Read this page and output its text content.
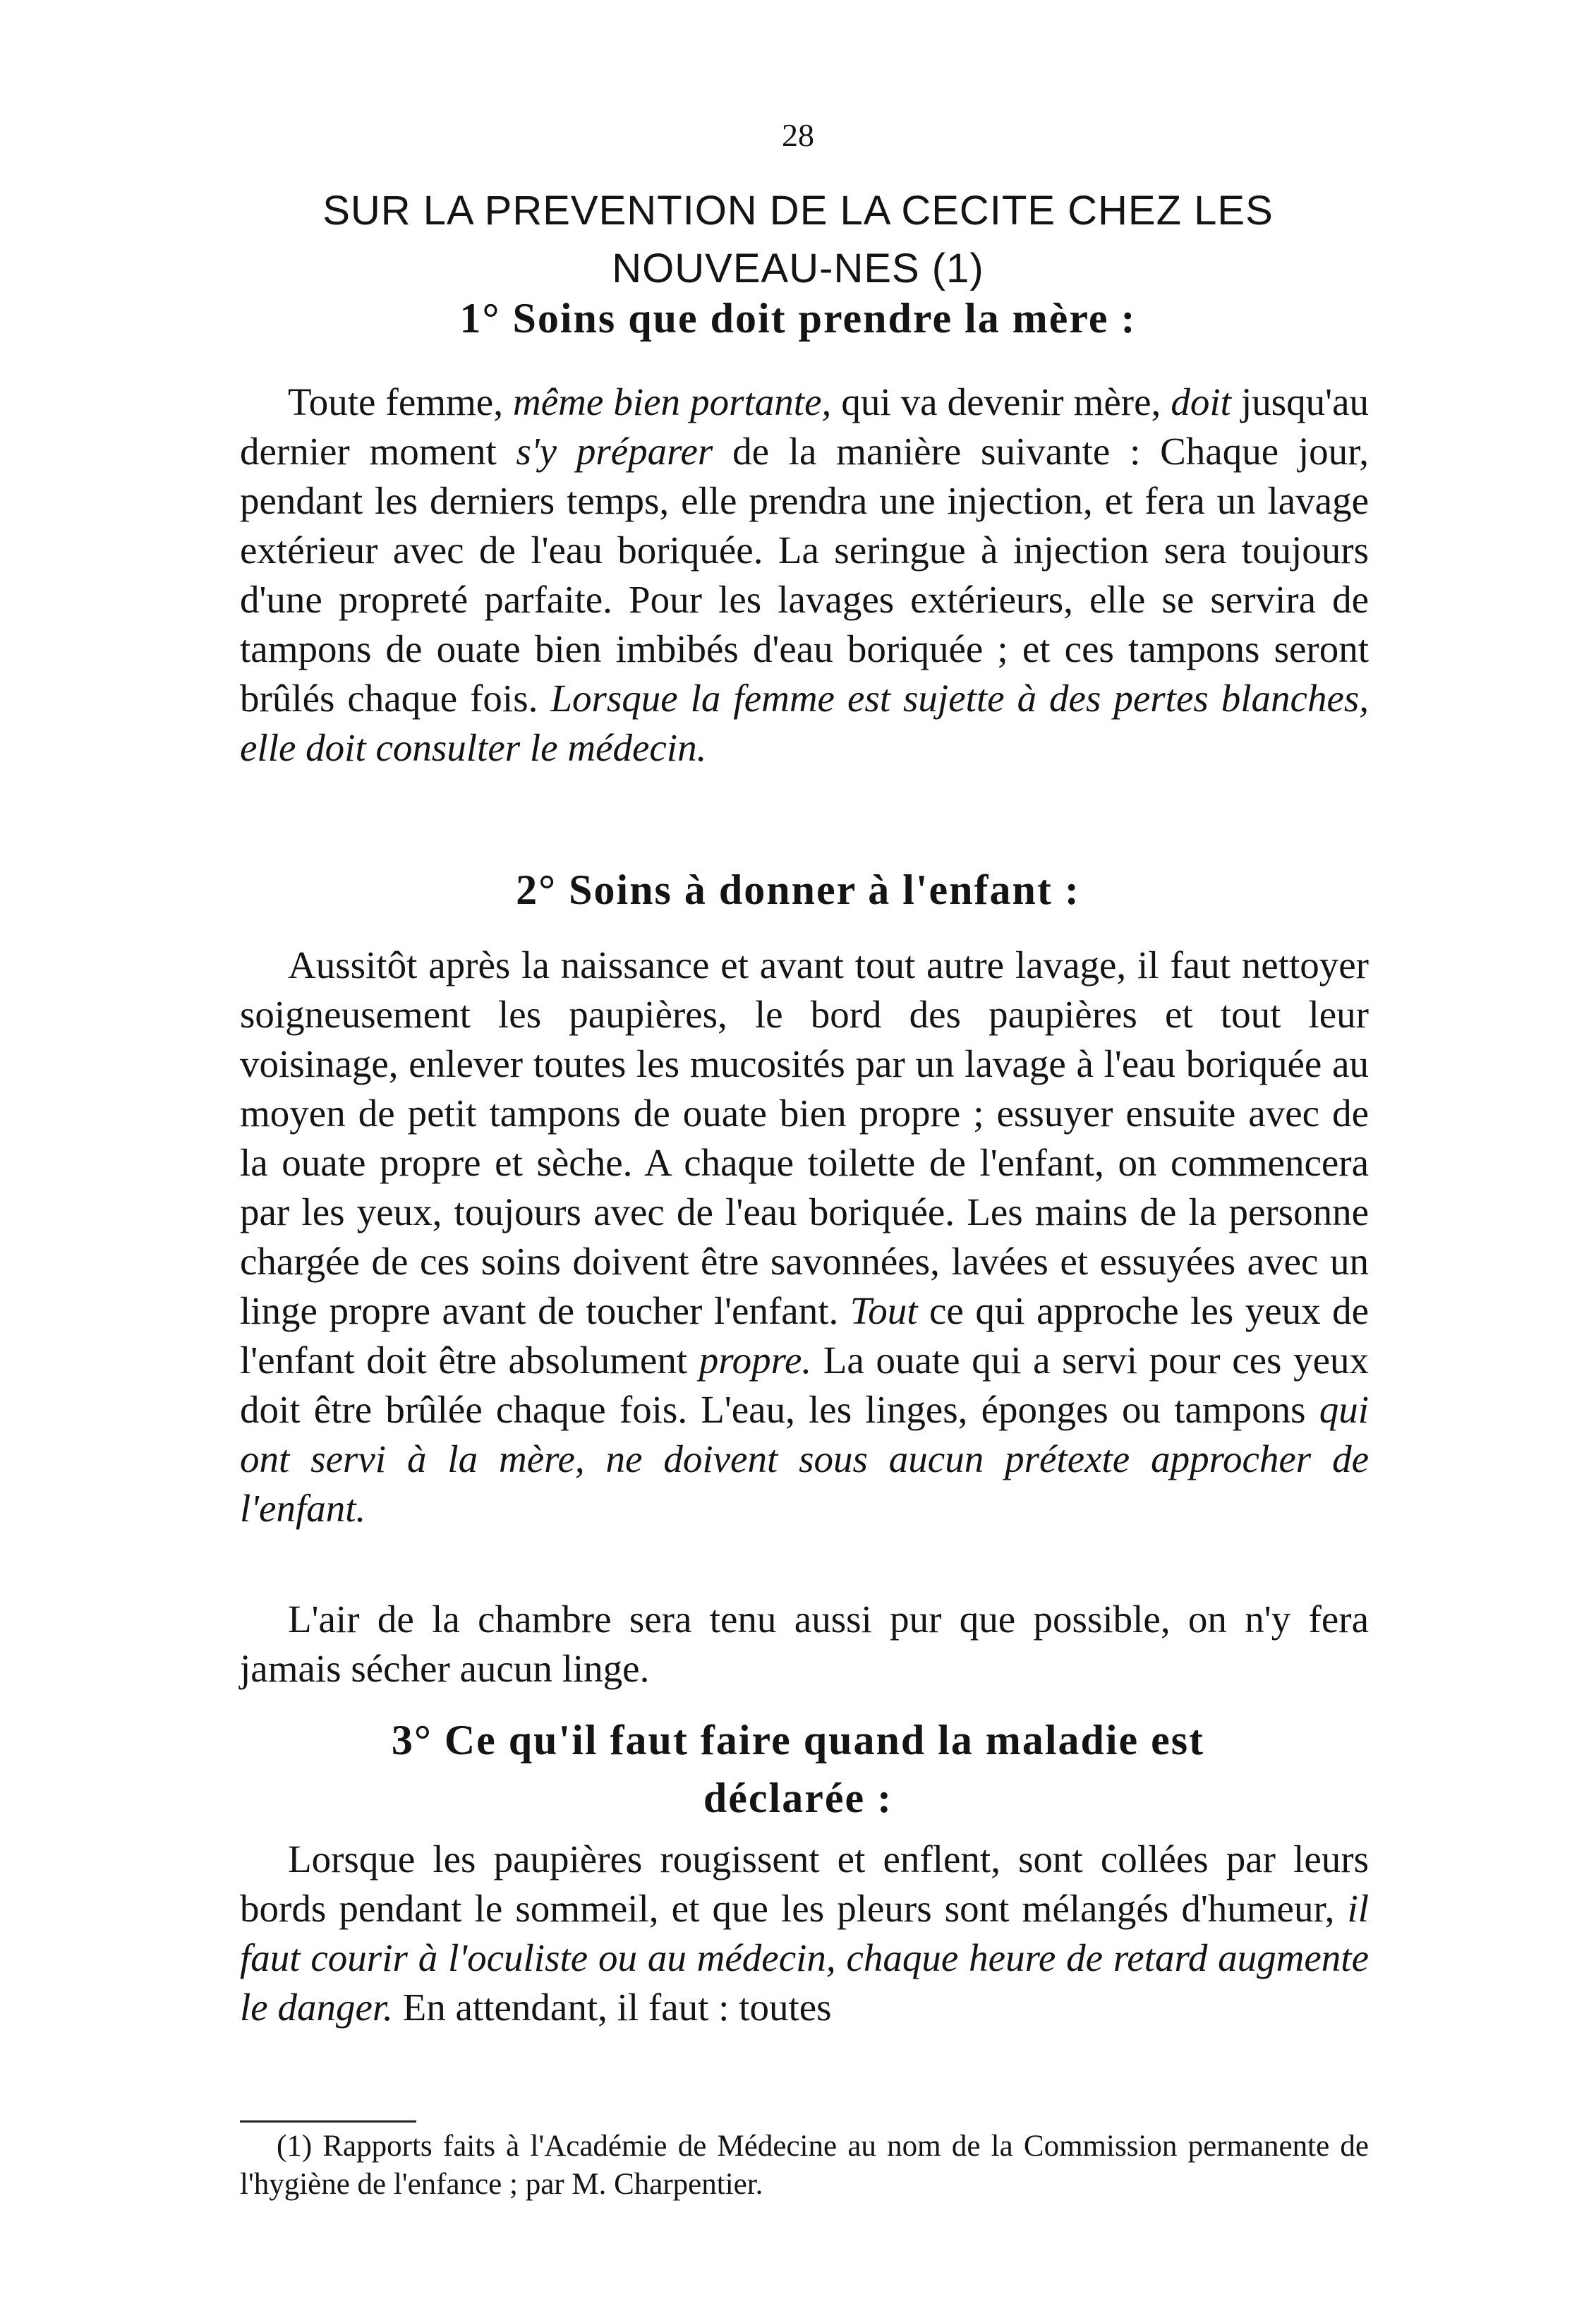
28
SUR LA PREVENTION DE LA CECITE CHEZ LES
NOUVEAU-NES (1)
1° Soins que doit prendre la mère :

Toute femme, même bien portante, qui va devenir mère, doit jusqu'au dernier moment s'y préparer de la manière suivante : Chaque jour, pendant les derniers temps, elle prendra une injection, et fera un lavage extérieur avec de l'eau boriquée. La seringue à injection sera toujours d'une propreté parfaite. Pour les lavages extérieurs, elle se servira de tampons de ouate bien imbibés d'eau boriquée ; et ces tampons seront brûlés chaque fois. Lorsque la femme est sujette à des pertes blanches, elle doit consulter le médecin.

2° Soins à donner à l'enfant :

Aussitôt après la naissance et avant tout autre lavage, il faut nettoyer soigneusement les paupières, le bord des paupières et tout leur voisinage, enlever toutes les mucosités par un lavage à l'eau boriquée au moyen de petit tampons de ouate bien propre ; essuyer ensuite avec de la ouate propre et sèche. A chaque toilette de l'enfant, on commencera par les yeux, toujours avec de l'eau boriquée. Les mains de la personne chargée de ces soins doivent être savonnées, lavées et essuyées avec un linge propre avant de toucher l'enfant. Tout ce qui approche les yeux de l'enfant doit être absolument propre. La ouate qui a servi pour ces yeux doit être brûlée chaque fois. L'eau, les linges, éponges ou tampons qui ont servi à la mère, ne doivent sous aucun prétexte approcher de l'enfant.

L'air de la chambre sera tenu aussi pur que possible, on n'y fera jamais sécher aucun linge.

3° Ce qu'il faut faire quand la maladie est
déclarée :

Lorsque les paupières rougissent et enflent, sont collées par leurs bords pendant le sommeil, et que les pleurs sont mélangés d'humeur, il faut courir à l'oculiste ou au médecin, chaque heure de retard augmente le danger. En attendant, il faut : toutes

(1) Rapports faits à l'Académie de Médecine au nom de la Commission permanente de l'hygiène de l'enfance ; par M. Charpentier.
